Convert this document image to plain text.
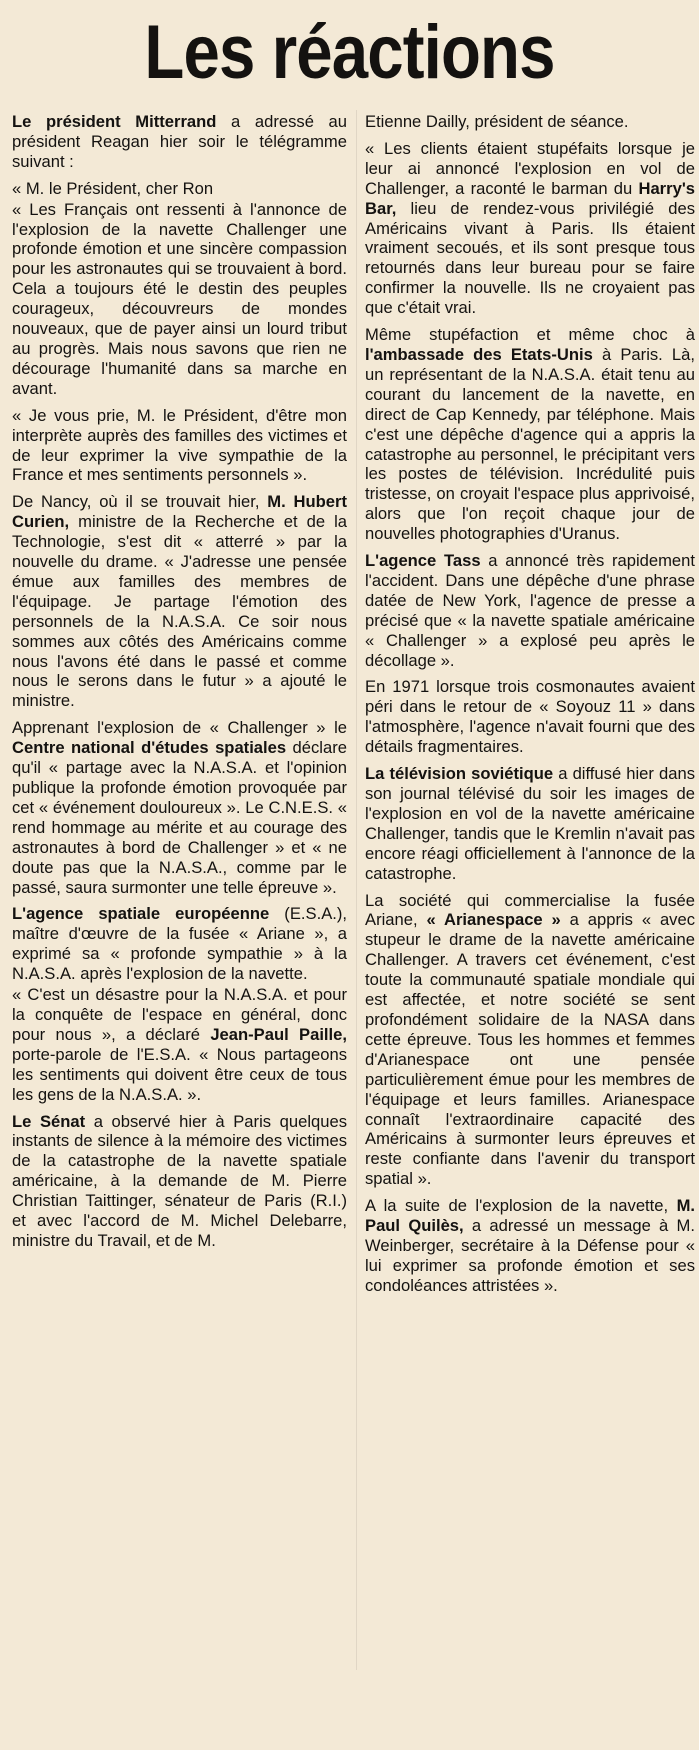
Les réactions

Le président Mitterrand a adressé au président Reagan hier soir le télégramme suivant :

« M. le Président, cher Ron

« Les Français ont ressenti à l'annonce de l'explosion de la navette Challenger une profonde émotion et une sincère compassion pour les astronautes qui se trouvaient à bord. Cela a toujours été le destin des peuples courageux, découvreurs de mondes nouveaux, que de payer ainsi un lourd tribut au progrès. Mais nous savons que rien ne décourage l'humanité dans sa marche en avant.

« Je vous prie, M. le Président, d'être mon interprète auprès des familles des victimes et de leur exprimer la vive sympathie de la France et mes sentiments personnels ».

De Nancy, où il se trouvait hier, M. Hubert Curien, ministre de la Recherche et de la Technologie, s'est dit « atterré » par la nouvelle du drame. « J'adresse une pensée émue aux familles des membres de l'équipage. Je partage l'émotion des personnels de la N.A.S.A. Ce soir nous sommes aux côtés des Américains comme nous l'avons été dans le passé et comme nous le serons dans le futur » a ajouté le ministre.

Apprenant l'explosion de « Challenger » le Centre national d'études spatiales déclare qu'il « partage avec la N.A.S.A. et l'opinion publique la profonde émotion provoquée par cet « événement douloureux ». Le C.N.E.S. « rend hommage au mérite et au courage des astronautes à bord de Challenger » et « ne doute pas que la N.A.S.A., comme par le passé, saura surmonter une telle épreuve ».

L'agence spatiale européenne (E.S.A.), maître d'œuvre de la fusée « Ariane », a exprimé sa « profonde sympathie » à la N.A.S.A. après l'explosion de la navette.

« C'est un désastre pour la N.A.S.A. et pour la conquête de l'espace en général, donc pour nous », a déclaré Jean-Paul Paille, porte-parole de l'E.S.A. « Nous partageons les sentiments qui doivent être ceux de tous les gens de la N.A.S.A. ».

Le Sénat a observé hier à Paris quelques instants de silence à la mémoire des victimes de la catastrophe de la navette spatiale américaine, à la demande de M. Pierre Christian Taittinger, sénateur de Paris (R.I.) et avec l'accord de M. Michel Delebarre, ministre du Travail, et de M.

Etienne Dailly, président de séance.

« Les clients étaient stupéfaits lorsque je leur ai annoncé l'explosion en vol de Challenger, a raconté le barman du Harry's Bar, lieu de rendez-vous privilégié des Américains vivant à Paris. Ils étaient vraiment secoués, et ils sont presque tous retournés dans leur bureau pour se faire confirmer la nouvelle. Ils ne croyaient pas que c'était vrai.

Même stupéfaction et même choc à l'ambassade des Etats-Unis à Paris. Là, un représentant de la N.A.S.A. était tenu au courant du lancement de la navette, en direct de Cap Kennedy, par téléphone. Mais c'est une dépêche d'agence qui a appris la catastrophe au personnel, le précipitant vers les postes de télévision. Incrédulité puis tristesse, on croyait l'espace plus apprivoisé, alors que l'on reçoit chaque jour de nouvelles photographies d'Uranus.

L'agence Tass a annoncé très rapidement l'accident. Dans une dépêche d'une phrase datée de New York, l'agence de presse a précisé que « la navette spatiale américaine « Challenger » a explosé peu après le décollage ».

En 1971 lorsque trois cosmonautes avaient péri dans le retour de « Soyouz 11 » dans l'atmosphère, l'agence n'avait fourni que des détails fragmentaires.

La télévision soviétique a diffusé hier dans son journal télévisé du soir les images de l'explosion en vol de la navette américaine Challenger, tandis que le Kremlin n'avait pas encore réagi officiellement à l'annonce de la catastrophe.

La société qui commercialise la fusée Ariane, « Arianespace » a appris « avec stupeur le drame de la navette américaine Challenger. A travers cet événement, c'est toute la communauté spatiale mondiale qui est affectée, et notre société se sent profondément solidaire de la NASA dans cette épreuve. Tous les hommes et femmes d'Arianespace ont une pensée particulièrement émue pour les membres de l'équipage et leurs familles. Arianespace connaît l'extraordinaire capacité des Américains à surmonter leurs épreuves et reste confiante dans l'avenir du transport spatial ».

A la suite de l'explosion de la navette, M. Paul Quilès, a adressé un message à M. Weinberger, secrétaire à la Défense pour « lui exprimer sa profonde émotion et ses condoléances attristées ».
